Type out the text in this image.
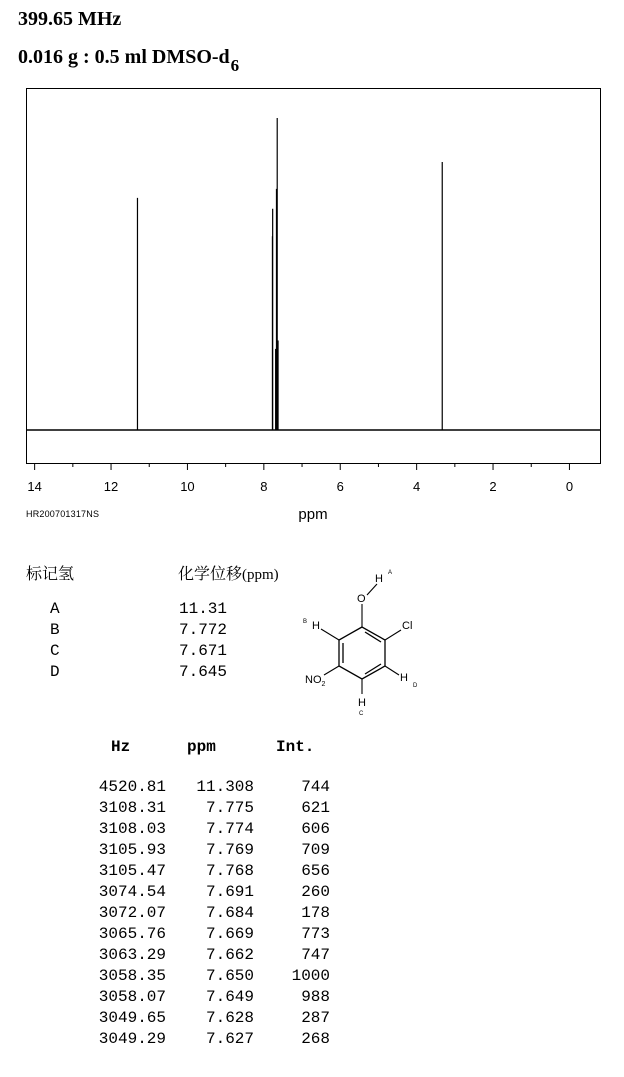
399.65 MHz
0.016 g : 0.5 ml DMSO-$d_6$
14	12	10	8	6	4	2	0
ppm
HR200701317NS
标记氢	化学位移(ppm)
A	11.31
B	7.772
C	7.671
D	7.645
O
H A
H
B	Cl
$NO_2$
H
D
H
C
Hz	ppm	Int.
4520.81	11.308	744
3108.31	7.775	621
3108.03	7.774	606
3105.93	7.769	709
3105.47	7.768	656
3074.54	7.691	260
3072.07	7.684	178
3065.76	7.669	773
3063.29	7.662	747
3058.35	7.650	1000
3058.07	7.649	988
3049.65	7.628	287
3049.29	7.627	268
